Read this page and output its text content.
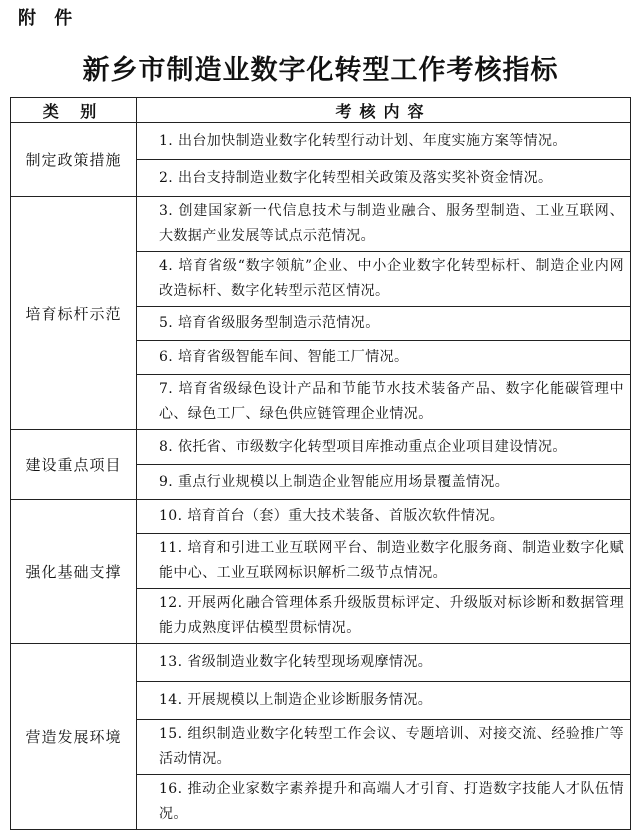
附 件
新乡市制造业数字化转型工作考核指标
类 别	考核内容
制定政策措施	1. 出台加快制造业数字化转型行动计划、年度实施方案等情况。

	2. 出台支持制造业数字化转型相关政策及落实奖补资金情况。

培育标杆示范	3. 创建国家新一代信息技术与制造业融合、服务型制造、工业互联网、大数据产业发展等试点示范情况。

	4. 培育省级“数字领航”企业、中小企业数字化转型标杆、制造企业内网改造标杆、数字化转型示范区情况。

	5. 培育省级服务型制造示范情况。

	6. 培育省级智能车间、智能工厂情况。

	7. 培育省级绿色设计产品和节能节水技术装备产品、数字化能碳管理中心、绿色工厂、绿色供应链管理企业情况。

建设重点项目	8. 依托省、市级数字化转型项目库推动重点企业项目建设情况。

	9. 重点行业规模以上制造企业智能应用场景覆盖情况。

强化基础支撑	10. 培育首台（套）重大技术装备、首版次软件情况。

	11. 培育和引进工业互联网平台、制造业数字化服务商、制造业数字化赋能中心、工业互联网标识解析二级节点情况。

	12. 开展两化融合管理体系升级版贯标评定、升级版对标诊断和数据管理能力成熟度评估模型贯标情况。

营造发展环境	13. 省级制造业数字化转型现场观摩情况。

	14. 开展规模以上制造企业诊断服务情况。

	15. 组织制造业数字化转型工作会议、专题培训、对接交流、经验推广等活动情况。

	16. 推动企业家数字素养提升和高端人才引育、打造数字技能人才队伍情况。
